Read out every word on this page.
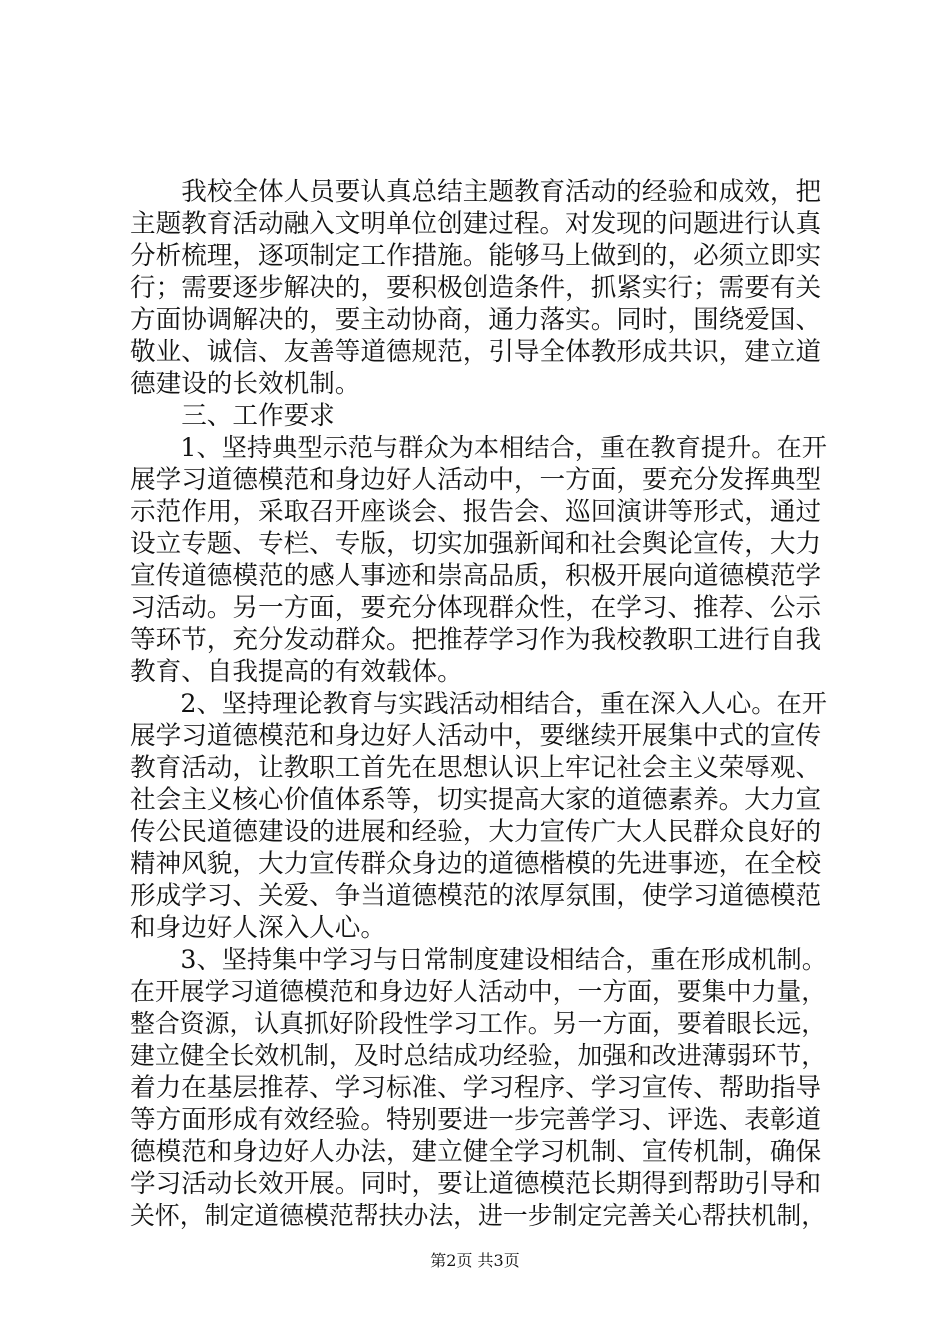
　　我校全体人员要认真总结主题教育活动的经验和成效，把
主题教育活动融入文明单位创建过程。对发现的问题进行认真
分析梳理，逐项制定工作措施。能够马上做到的，必须立即实
行；需要逐步解决的，要积极创造条件，抓紧实行；需要有关
方面协调解决的，要主动协商，通力落实。同时，围绕爱国、
敬业、诚信、友善等道德规范，引导全体教形成共识，建立道
德建设的长效机制。
　　三、工作要求
　　1、坚持典型示范与群众为本相结合，重在教育提升。在开
展学习道德模范和身边好人活动中，一方面，要充分发挥典型
示范作用，采取召开座谈会、报告会、巡回演讲等形式，通过
设立专题、专栏、专版，切实加强新闻和社会舆论宣传，大力
宣传道德模范的感人事迹和崇高品质，积极开展向道德模范学
习活动。另一方面，要充分体现群众性，在学习、推荐、公示
等环节，充分发动群众。把推荐学习作为我校教职工进行自我
教育、自我提高的有效载体。
　　2、坚持理论教育与实践活动相结合，重在深入人心。在开
展学习道德模范和身边好人活动中，要继续开展集中式的宣传
教育活动，让教职工首先在思想认识上牢记社会主义荣辱观、
社会主义核心价值体系等，切实提高大家的道德素养。大力宣
传公民道德建设的进展和经验，大力宣传广大人民群众良好的
精神风貌，大力宣传群众身边的道德楷模的先进事迹，在全校
形成学习、关爱、争当道德模范的浓厚氛围，使学习道德模范
和身边好人深入人心。
　　3、坚持集中学习与日常制度建设相结合，重在形成机制。
在开展学习道德模范和身边好人活动中，一方面，要集中力量，
整合资源，认真抓好阶段性学习工作。另一方面，要着眼长远，
建立健全长效机制，及时总结成功经验，加强和改进薄弱环节，
着力在基层推荐、学习标准、学习程序、学习宣传、帮助指导
等方面形成有效经验。特别要进一步完善学习、评选、表彰道
德模范和身边好人办法，建立健全学习机制、宣传机制，确保
学习活动长效开展。同时，要让道德模范长期得到帮助引导和
关怀，制定道德模范帮扶办法，进一步制定完善关心帮扶机制，
第2页 共3页
